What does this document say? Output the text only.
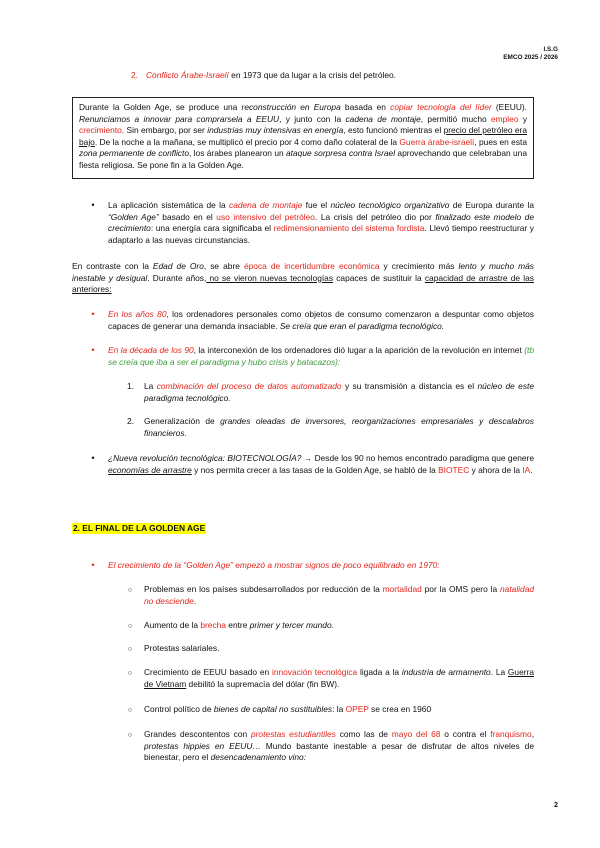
I.S.G
EMCO 2025 / 2026
2. Conflicto Árabe-Israelí en 1973 que da lugar a la crisis del petróleo.

Durante la Golden Age, se produce una reconstrucción en Europa basada en copiar tecnología del líder (EEUU). Renunciamos a innovar para comprarsela a EEUU, y junto con la cadena de montaje, permitió mucho empleo y crecimiento. Sin embargo, por ser industrias muy intensivas en energía, esto funcionó mientras el precio del petróleo era bajo. De la noche a la mañana, se multiplicó el precio por 4 como daño colateral de la Guerra árabe-israelí, pues en esta zona permanente de conflicto, los árabes planearon un ataque sorpresa contra Israel aprovechando que celebraban una fiesta religiosa. Se pone fin a la Golden Age.

• La aplicación sistemática de la cadena de montaje fue el núcleo tecnológico organizativo de Europa durante la “Golden Age” basado en el uso intensivo del petróleo. La crisis del petróleo dio por finalizado este modelo de crecimiento: una energía cara significaba el redimensionamiento del sistema fordista. Llevó tiempo reestructurar y adaptarlo a las nuevas circunstancias.

En contraste con la Edad de Oro, se abre época de incertidumbre económica y crecimiento más lento y mucho más inestable y desigual. Durante años, no se vieron nuevas tecnologías capaces de sustituir la capacidad de arrastre de las anteriores:

• En los años 80, los ordenadores personales como objetos de consumo comenzaron a despuntar como objetos capaces de generar una demanda insaciable. Se creía que eran el paradigma tecnológico.

• En la década de los 90, la interconexión de los ordenadores dió lugar a la aparición de la revolución en internet (tb se creía que iba a ser el paradigma y hubo crisis y batacazos):

1. La combinación del proceso de datos automatizado y su transmisión a distancia es el núcleo de este paradigma tecnológico.

2. Generalización de grandes oleadas de inversores, reorganizaciones empresariales y descalabros financieros.

• ¿Nueva revolución tecnológica: BIOTECNOLOGÍA? → Desde los 90 no hemos encontrado paradigma que genere economías de arrastre y nos permita crecer a las tasas de la Golden Age, se habló de la BIOTEC y ahora de la IA.

2. EL FINAL DE LA GOLDEN AGE
• El crecimiento de la “Golden Age” empezó a mostrar signos de poco equilibrado en 1970:

○ Problemas en los países subdesarrollados por reducción de la mortalidad por la OMS pero la natalidad no desciende.

○ Aumento de la brecha entre primer y tercer mundo.

○ Protestas salariales.

○ Crecimiento de EEUU basado en innovación tecnológica ligada a la industria de armamento. La Guerra de Vietnam debilitó la supremacía del dólar (fin BW).

○ Control político de bienes de capital no sustituibles: la OPEP se crea en 1960

○ Grandes descontentos con protestas estudiantiles como las de mayo del 68 o contra el franquismo, protestas hippies en EEUU… Mundo bastante inestable a pesar de disfrutar de altos niveles de bienestar, pero el desencadenamiento vino:

2
